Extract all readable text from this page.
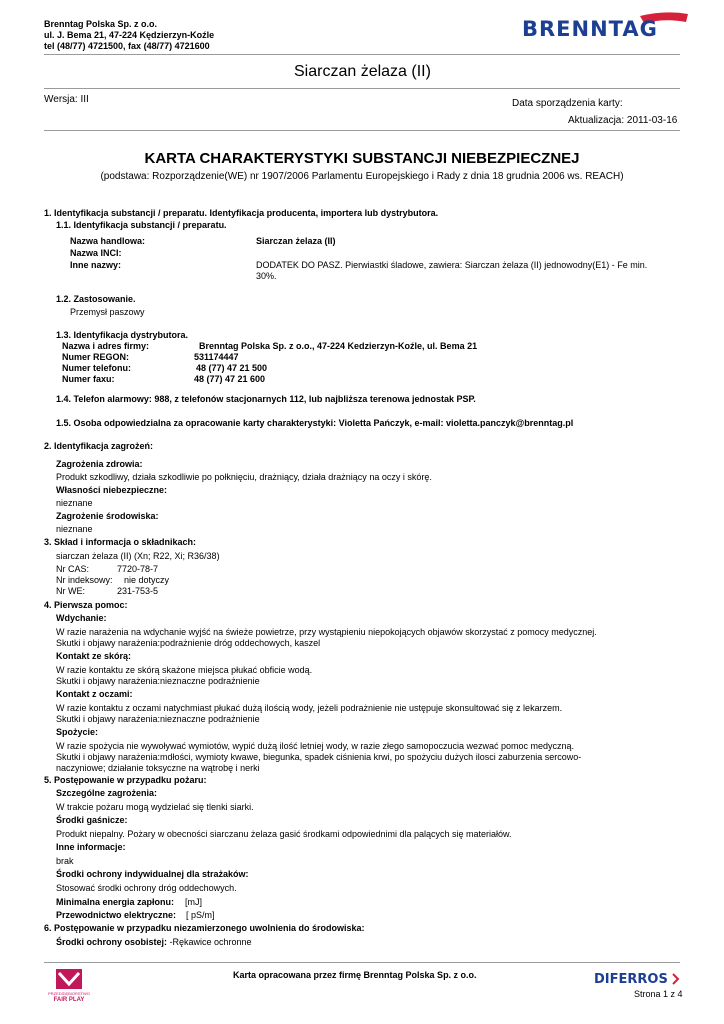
Brenntag Polska Sp. z o.o.
ul. J. Bema 21, 47-224 Kędzierzyn-Koźle
tel (48/77) 4721500, fax (48/77) 4721600
BRENNTAG
Siarczan żelaza (II)
Wersja: III	Data sporządzenia karty:
Aktualizacja: 2011-03-16
KARTA CHARAKTERYSTYKI SUBSTANCJI NIEBEZPIECZNEJ
(podstawa: Rozporządzenie(WE) nr 1907/2006 Parlamentu Europejskiego i Rady z dnia 18 grudnia 2006 ws. REACH)
1. Identyfikacja substancji / preparatu. Identyfikacja producenta, importera lub dystrybutora.
1.1. Identyfikacja substancji / preparatu.
Nazwa handlowa:	Siarczan żelaza (II)
Nazwa INCI:
Inne nazwy:	DODATEK DO PASZ. Pierwiastki śladowe, zawiera: Siarczan żelaza (II) jednowodny(E1) - Fe min.
30%.
1.2. Zastosowanie.
Przemysł paszowy
1.3. Identyfikacja dystrybutora.
Nazwa i adres firmy:	Brenntag Polska Sp. z o.o., 47-224 Kedzierzyn-Koźle, ul. Bema 21
Numer REGON:	531174447
Numer telefonu:	48 (77) 47 21 500
Numer faxu:	48 (77) 47 21 600
1.4. Telefon alarmowy: 988, z telefonów stacjonarnych 112, lub najbliższa terenowa jednostak PSP.
1.5. Osoba odpowiedzialna za opracowanie karty charakterystyki: Violetta Pańczyk, e-mail: violetta.panczyk@brenntag.pl
2. Identyfikacja zagrożeń:
Zagrożenia zdrowia:
Produkt szkodliwy, działa szkodliwie po połknięciu, drażniący, działa drażniący na oczy i skórę.
Własności niebezpieczne:
nieznane
Zagrożenie środowiska:
nieznane
3. Skład i informacja o składnikach:
siarczan żelaza (II) (Xn; R22, Xi; R36/38)
Nr CAS:	7720-78-7
Nr indeksowy: nie dotyczy
Nr WE:	231-753-5
4. Pierwsza pomoc:
Wdychanie:
W razie narażenia na wdychanie wyjść na świeże powietrze, przy wystąpieniu niepokojących objawów skorzystać z pomocy medycznej.
Skutki i objawy narażenia:podrażnienie dróg oddechowych, kaszel
Kontakt ze skórą:
W razie kontaktu ze skórą skażone miejsca płukać obficie wodą.
Skutki i objawy narażenia:nieznaczne podrażnienie
Kontakt z oczami:
W razie kontaktu z oczami natychmiast płukać dużą ilością wody, jeżeli podrażnienie nie ustępuje skonsultować się z lekarzem.
Skutki i objawy narażenia:nieznaczne podrażnienie
Spożycie:
W razie spożycia nie wywoływać wymiotów, wypić dużą ilość letniej wody, w razie złego samopoczucia wezwać pomoc medyczną.
Skutki i objawy narażenia:mdłości, wymioty kwawe, biegunka, spadek ciśnienia krwi, po spożyciu dużych ilosci zaburzenia sercowo-
naczyniowe; działanie toksyczne na wątrobę i nerki
5. Postępowanie w przypadku pożaru:
Szczególne zagrożenia:
W trakcie pożaru mogą wydzielać się tlenki siarki.
Środki gaśnicze:
Produkt niepalny. Pożary w obecności siarczanu żelaza gasić środkami odpowiednimi dla palących się materiałów.
Inne informacje:
brak
Środki ochrony indywidualnej dla strażaków:
Stosować środki ochrony dróg oddechowych.
Minimalna energia zapłonu: [mJ]
Przewodnictwo elektryczne: [ pS/m]
6. Postępowanie w przypadku niezamierzonego uwolnienia do środowiska:
Środki ochrony osobistej: -Rękawice ochronne
PRZEDSIĘBIORSTWO
FAIR PLAY
Karta opracowana przez firmę Brenntag Polska Sp. z o.o.	DIFERROS
Strona 1 z 4
